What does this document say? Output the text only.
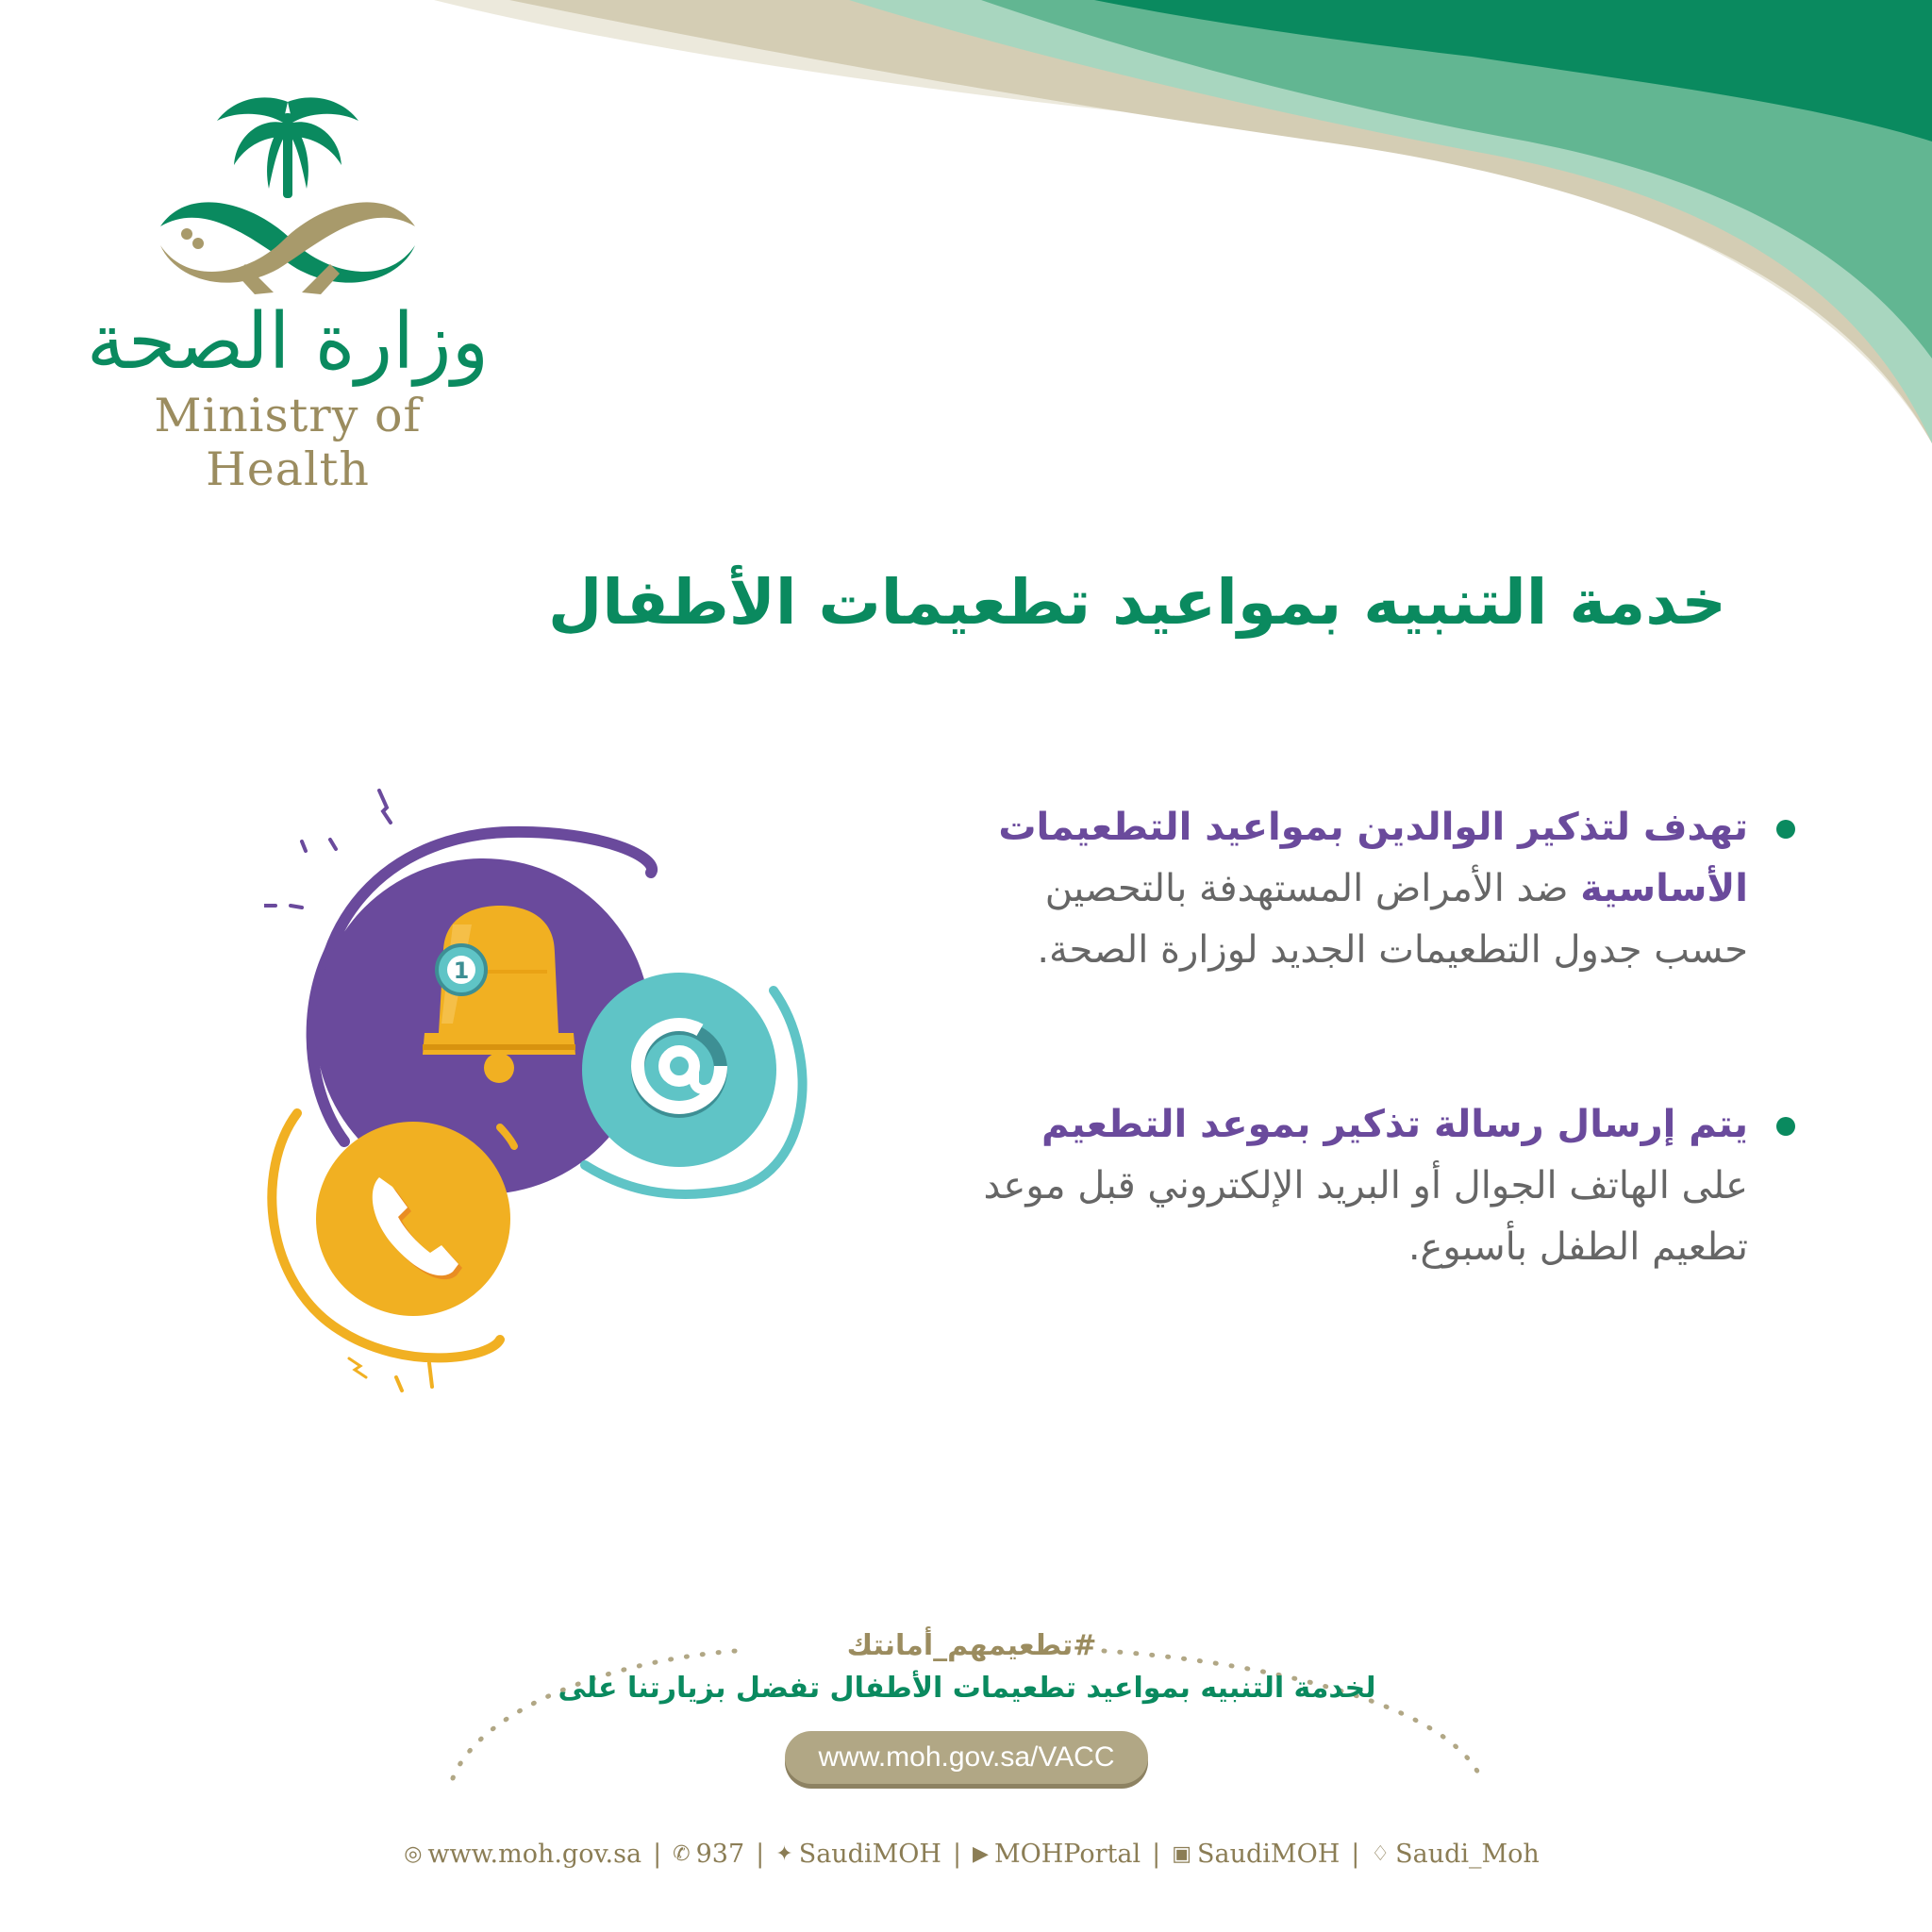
وزارة الصحة
Ministry of Health
خدمة التنبيه بمواعيد تطعيمات الأطفال
تهدف لتذكير الوالدين بمواعيد التطعيمات الأساسية ضد الأمراض المستهدفة بالتحصين حسب جدول التطعيمات الجديد لوزارة الصحة.
يتم إرسال رسالة تذكير بموعد التطعيم على الهاتف الجوال أو البريد الإلكتروني قبل موعد تطعيم الطفل بأسبوع.
1
#تطعيمهم_أمانتك
لخدمة التنبيه بمواعيد تطعيمات الأطفال تفضل بزيارتنا على
www.moh.gov.sa/VACC
◎ www.moh.gov.sa | ✆ 937 | ✦ SaudiMOH | ▶ MOHPortal | ▣ SaudiMOH | ♢ Saudi_Moh
